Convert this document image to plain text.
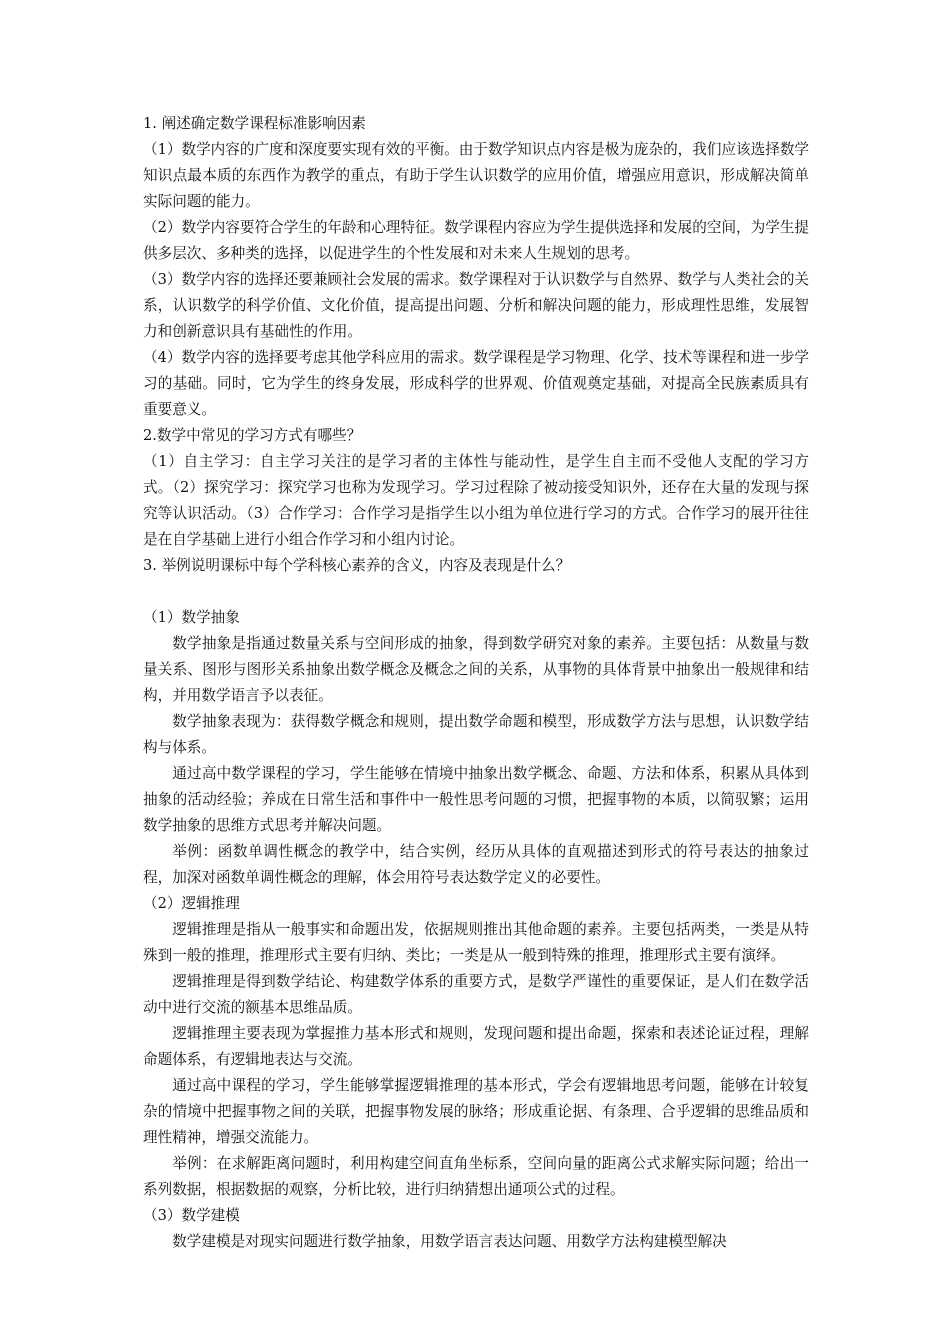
1. 阐述确定数学课程标准影响因素

（1）数学内容的广度和深度要实现有效的平衡。由于数学知识点内容是极为庞杂的，我们应该选择数学知识点最本质的东西作为教学的重点，有助于学生认识数学的应用价值，增强应用意识，形成解决简单实际问题的能力。

（2）数学内容要符合学生的年龄和心理特征。数学课程内容应为学生提供选择和发展的空间，为学生提供多层次、多种类的选择，以促进学生的个性发展和对未来人生规划的思考。

（3）数学内容的选择还要兼顾社会发展的需求。数学课程对于认识数学与自然界、数学与人类社会的关系，认识数学的科学价值、文化价值，提高提出问题、分析和解决问题的能力，形成理性思维，发展智力和创新意识具有基础性的作用。

（4）数学内容的选择要考虑其他学科应用的需求。数学课程是学习物理、化学、技术等课程和进一步学习的基础。同时，它为学生的终身发展，形成科学的世界观、价值观奠定基础，对提高全民族素质具有重要意义。

2.数学中常见的学习方式有哪些？

（1）自主学习：自主学习关注的是学习者的主体性与能动性，是学生自主而不受他人支配的学习方式。（2）探究学习：探究学习也称为发现学习。学习过程除了被动接受知识外，还存在大量的发现与探究等认识活动。（3）合作学习：合作学习是指学生以小组为单位进行学习的方式。合作学习的展开往往是在自学基础上进行小组合作学习和小组内讨论。

3. 举例说明课标中每个学科核心素养的含义，内容及表现是什么？

（1）数学抽象

数学抽象是指通过数量关系与空间形成的抽象，得到数学研究对象的素养。主要包括：从数量与数量关系、图形与图形关系抽象出数学概念及概念之间的关系，从事物的具体背景中抽象出一般规律和结构，并用数学语言予以表征。

数学抽象表现为：获得数学概念和规则，提出数学命题和模型，形成数学方法与思想，认识数学结构与体系。

通过高中数学课程的学习，学生能够在情境中抽象出数学概念、命题、方法和体系，积累从具体到抽象的活动经验；养成在日常生活和事件中一般性思考问题的习惯，把握事物的本质，以简驭繁；运用数学抽象的思维方式思考并解决问题。

举例：函数单调性概念的教学中，结合实例，经历从具体的直观描述到形式的符号表达的抽象过程，加深对函数单调性概念的理解，体会用符号表达数学定义的必要性。

（2）逻辑推理

逻辑推理是指从一般事实和命题出发，依据规则推出其他命题的素养。主要包括两类，一类是从特殊到一般的推理，推理形式主要有归纳、类比；一类是从一般到特殊的推理，推理形式主要有演绎。

逻辑推理是得到数学结论、构建数学体系的重要方式，是数学严谨性的重要保证，是人们在数学活动中进行交流的额基本思维品质。

逻辑推理主要表现为掌握推力基本形式和规则，发现问题和提出命题，探索和表述论证过程，理解命题体系，有逻辑地表达与交流。

通过高中课程的学习，学生能够掌握逻辑推理的基本形式，学会有逻辑地思考问题，能够在计较复杂的情境中把握事物之间的关联，把握事物发展的脉络；形成重论据、有条理、合乎逻辑的思维品质和理性精神，增强交流能力。

举例：在求解距离问题时，利用构建空间直角坐标系，空间向量的距离公式求解实际问题；给出一系列数据，根据数据的观察，分析比较，进行归纳猜想出通项公式的过程。

（3）数学建模

数学建模是对现实问题进行数学抽象，用数学语言表达问题、用数学方法构建模型解决
